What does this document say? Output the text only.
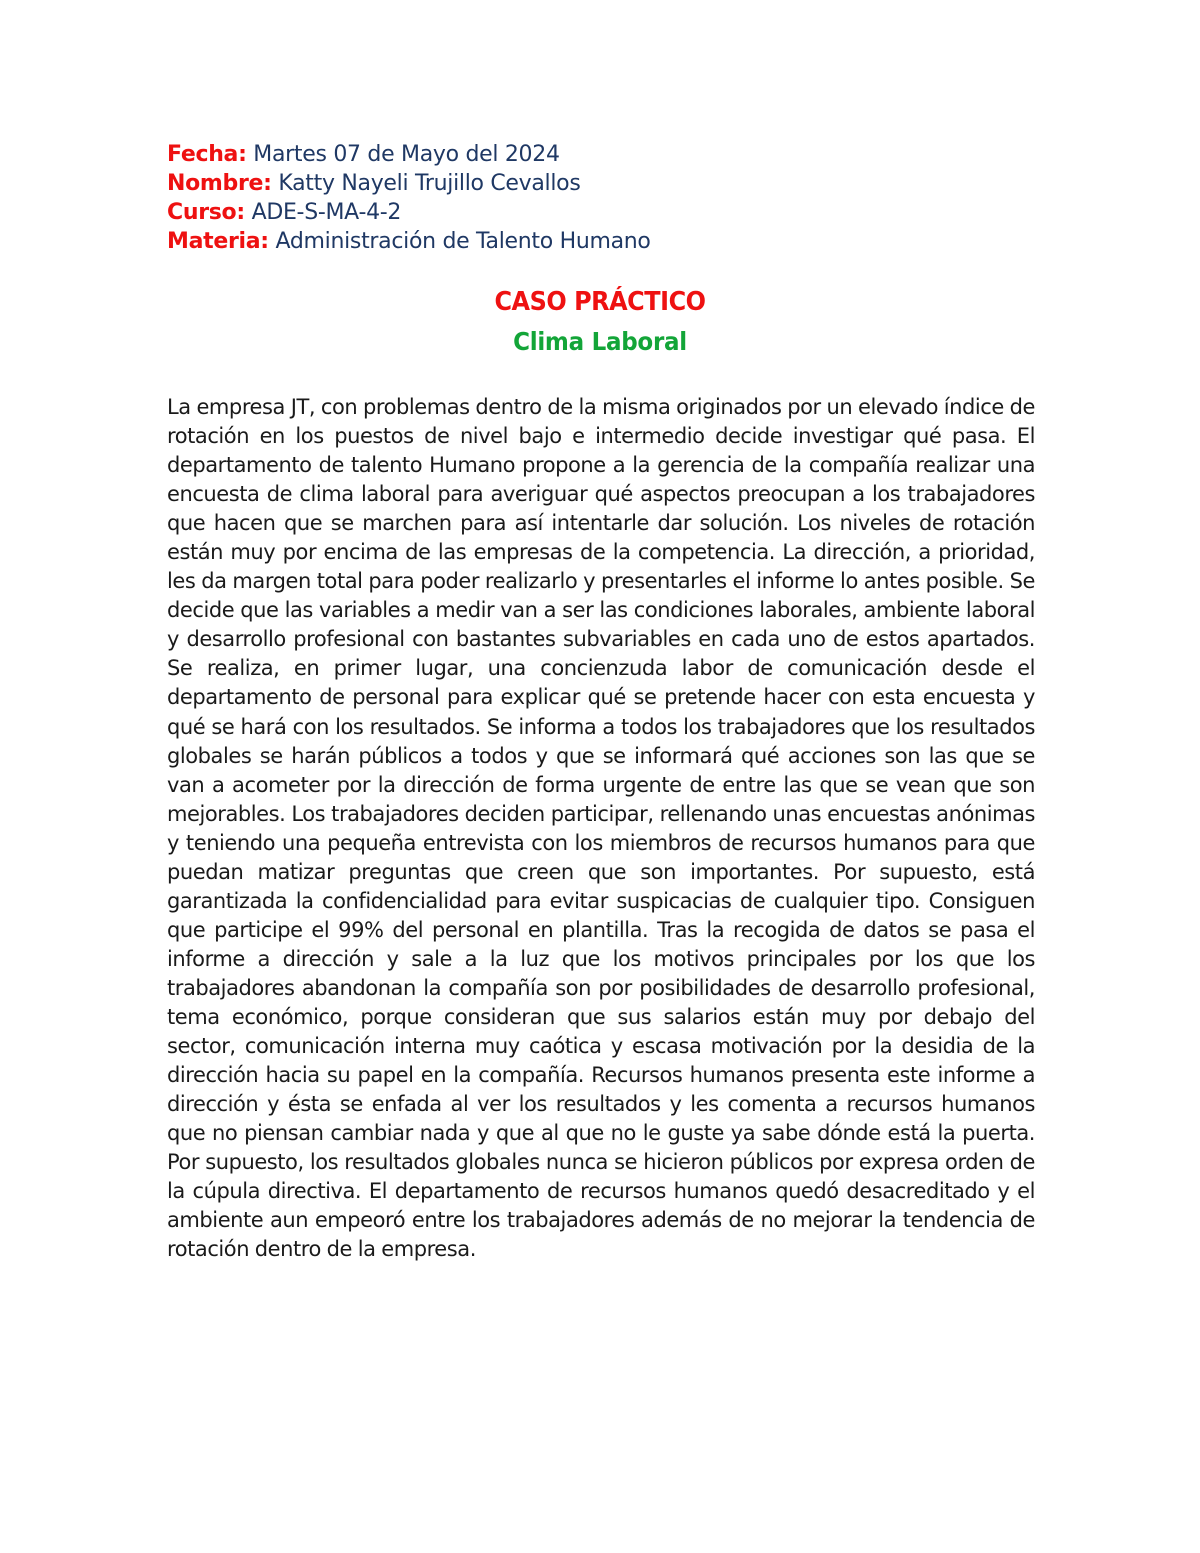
Fecha: Martes 07 de Mayo del 2024
Nombre: Katty Nayeli Trujillo Cevallos
Curso: ADE-S-MA-4-2
Materia: Administración de Talento Humano
CASO PRÁCTICO
Clima Laboral

La empresa JT, con problemas dentro de la misma originados por un elevado índice de rotación en los puestos de nivel bajo e intermedio decide investigar qué pasa. El departamento de talento Humano propone a la gerencia de la compañía realizar una encuesta de clima laboral para averiguar qué aspectos preocupan a los trabajadores que hacen que se marchen para así intentarle dar solución. Los niveles de rotación están muy por encima de las empresas de la competencia. La dirección, a prioridad, les da margen total para poder realizarlo y presentarles el informe lo antes posible. Se decide que las variables a medir van a ser las condiciones laborales, ambiente laboral y desarrollo profesional con bastantes subvariables en cada uno de estos apartados. Se realiza, en primer lugar, una concienzuda labor de comunicación desde el departamento de personal para explicar qué se pretende hacer con esta encuesta y qué se hará con los resultados. Se informa a todos los trabajadores que los resultados globales se harán públicos a todos y que se informará qué acciones son las que se van a acometer por la dirección de forma urgente de entre las que se vean que son mejorables. Los trabajadores deciden participar, rellenando unas encuestas anónimas y teniendo una pequeña entrevista con los miembros de recursos humanos para que puedan matizar preguntas que creen que son importantes. Por supuesto, está garantizada la confidencialidad para evitar suspicacias de cualquier tipo. Consiguen que participe el 99% del personal en plantilla. Tras la recogida de datos se pasa el informe a dirección y sale a la luz que los motivos principales por los que los trabajadores abandonan la compañía son por posibilidades de desarrollo profesional, tema económico, porque consideran que sus salarios están muy por debajo del sector, comunicación interna muy caótica y escasa motivación por la desidia de la dirección hacia su papel en la compañía. Recursos humanos presenta este informe a dirección y ésta se enfada al ver los resultados y les comenta a recursos humanos que no piensan cambiar nada y que al que no le guste ya sabe dónde está la puerta. Por supuesto, los resultados globales nunca se hicieron públicos por expresa orden de la cúpula directiva. El departamento de recursos humanos quedó desacreditado y el ambiente aun empeoró entre los trabajadores además de no mejorar la tendencia de rotación dentro de la empresa.
